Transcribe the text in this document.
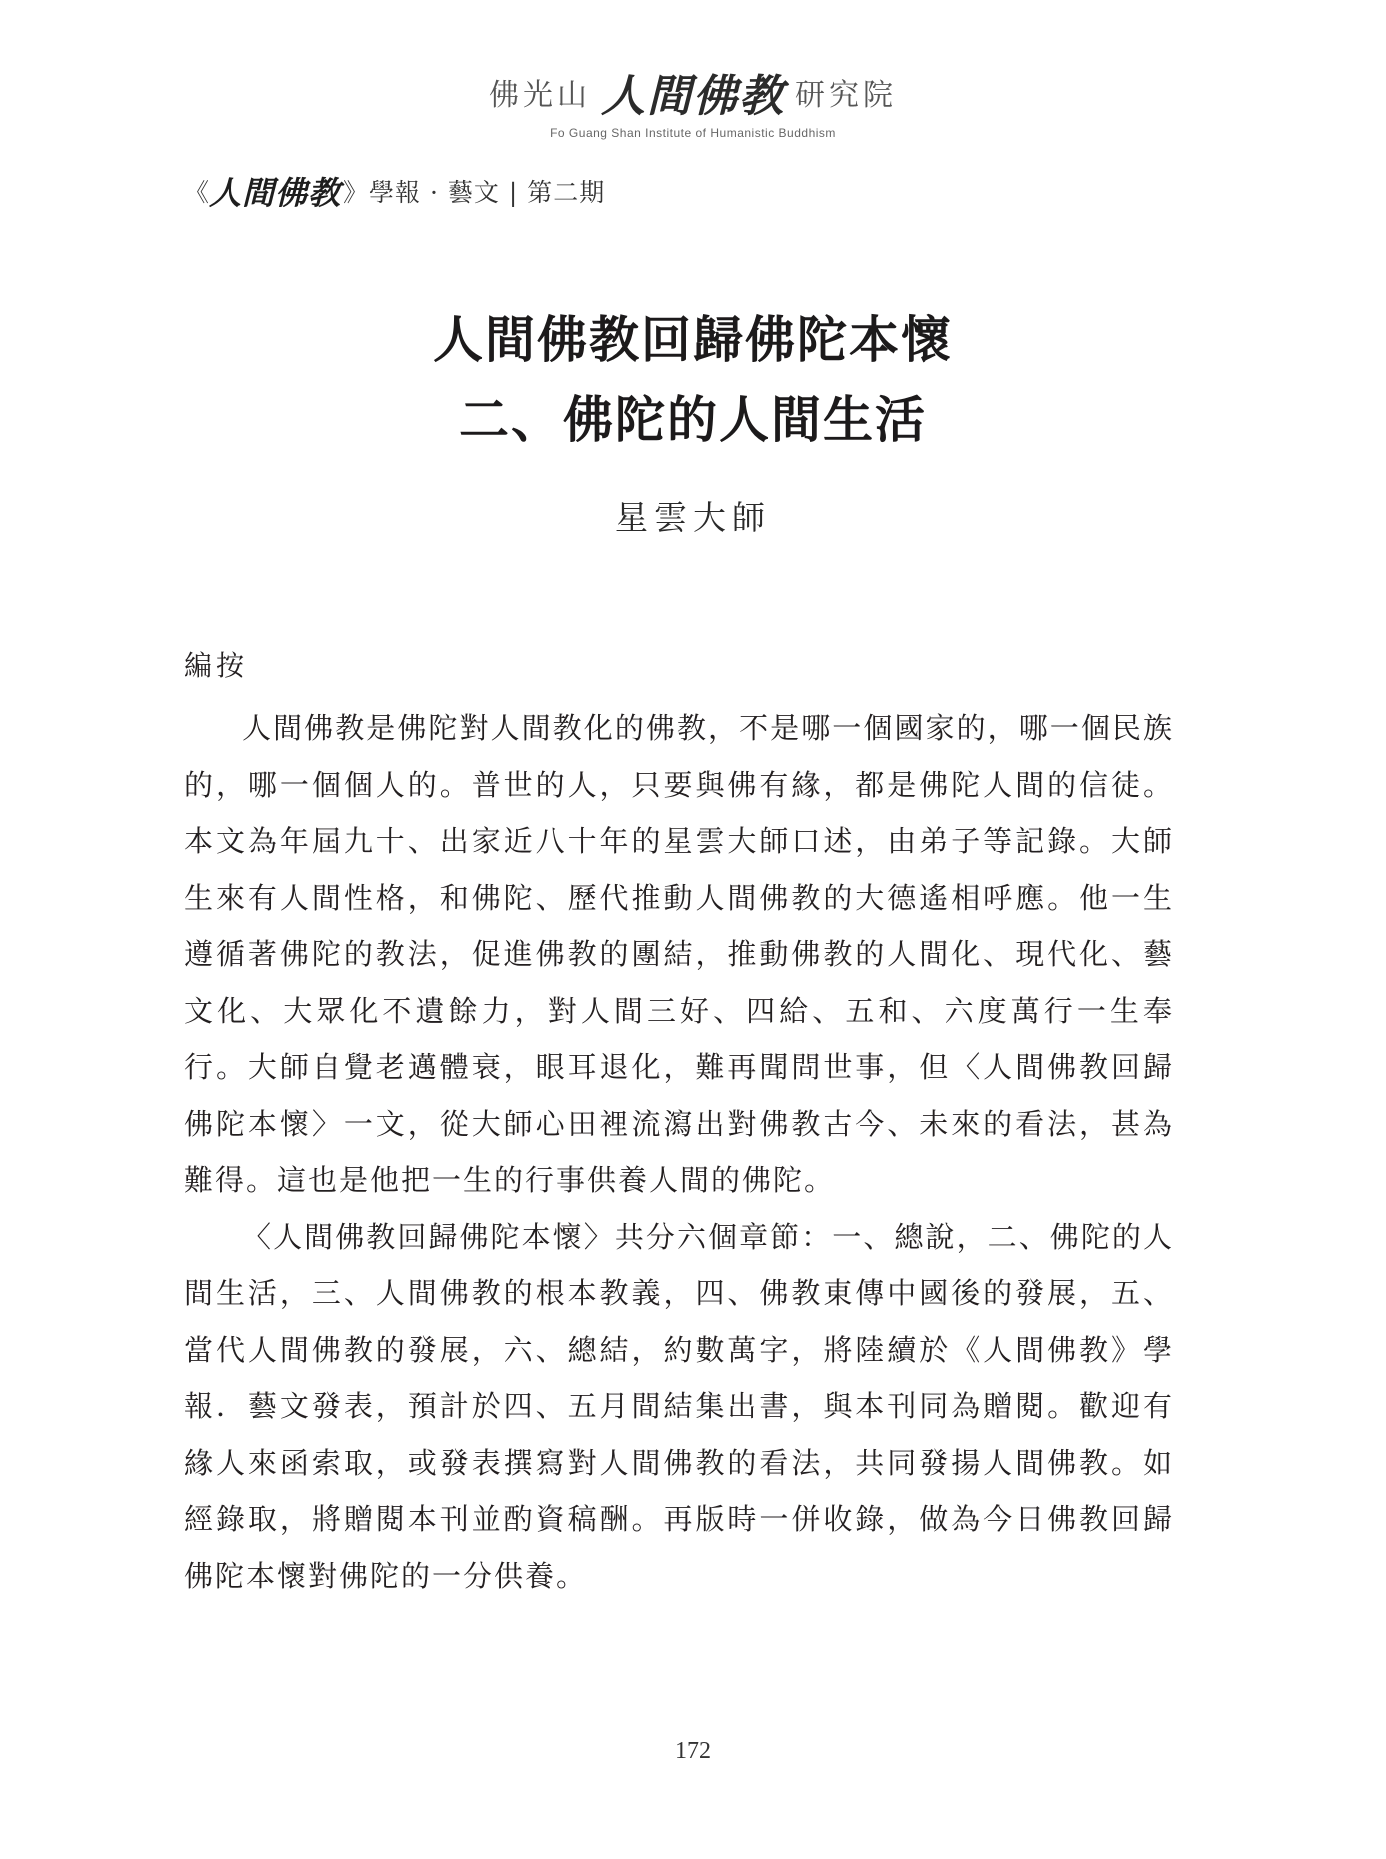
佛光山 人間佛教 研究院
Fo Guang Shan Institute of Humanistic Buddhism
《 人間佛教 》學報 · 藝文 | 第二期
人間佛教回歸佛陀本懷
二、佛陀的人間生活
星雲大師
編按

人間佛教是佛陀對人間教化的佛教，不是哪一個國家的，哪一個民族的，哪一個個人的。普世的人，只要與佛有緣，都是佛陀人間的信徒。本文為年屆九十、出家近八十年的星雲大師口述，由弟子等記錄。大師生來有人間性格，和佛陀、歷代推動人間佛教的大德遙相呼應。他一生遵循著佛陀的教法，促進佛教的團結，推動佛教的人間化、現代化、藝文化、大眾化不遺餘力，對人間三好、四給、五和、六度萬行一生奉行。大師自覺老邁體衰，眼耳退化，難再聞問世事，但〈人間佛教回歸佛陀本懷〉一文，從大師心田裡流瀉出對佛教古今、未來的看法，甚為難得。這也是他把一生的行事供養人間的佛陀。

〈人間佛教回歸佛陀本懷〉共分六個章節：一、總說，二、佛陀的人間生活，三、人間佛教的根本教義，四、佛教東傳中國後的發展，五、當代人間佛教的發展，六、總結，約數萬字，將陸續於《人間佛教》學報．藝文發表，預計於四、五月間結集出書，與本刊同為贈閱。歡迎有緣人來函索取，或發表撰寫對人間佛教的看法，共同發揚人間佛教。如經錄取，將贈閱本刊並酌資稿酬。再版時一併收錄，做為今日佛教回歸佛陀本懷對佛陀的一分供養。

172
